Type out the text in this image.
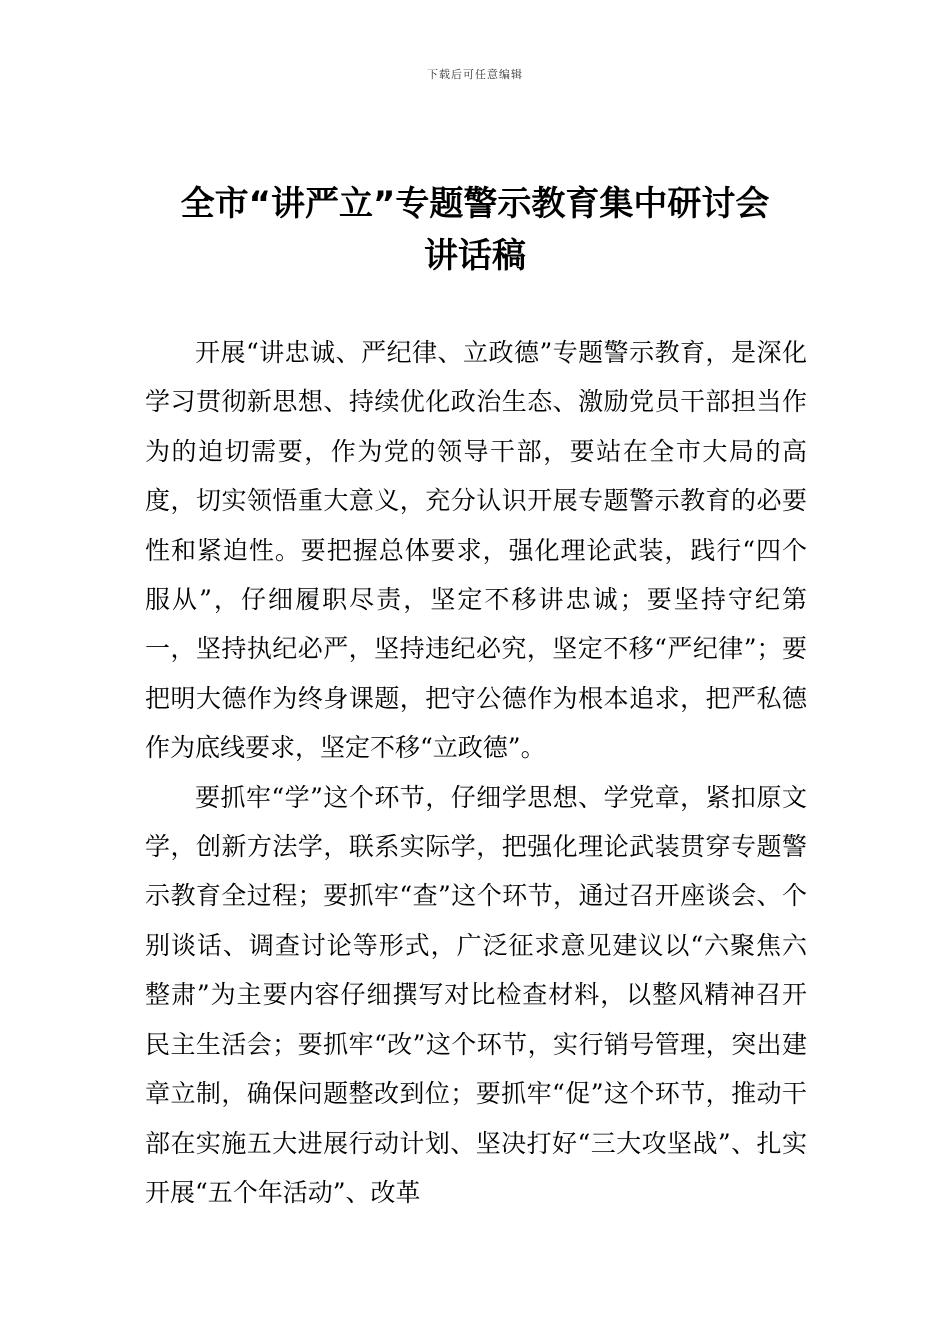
下载后可任意编辑
全市“讲严立”专题警示教育集中研讨会
讲话稿

开展“讲忠诚、严纪律、立政德”专题警示教育，是深化学习贯彻新思想、持续优化政治生态、激励党员干部担当作为的迫切需要，作为党的领导干部，要站在全市大局的高度，切实领悟重大意义，充分认识开展专题警示教育的必要性和紧迫性。要把握总体要求，强化理论武装，践行“四个服从”，仔细履职尽责，坚定不移讲忠诚；要坚持守纪第一，坚持执纪必严，坚持违纪必究，坚定不移“严纪律”；要把明大德作为终身课题，把守公德作为根本追求，把严私德作为底线要求，坚定不移“立政德”。

要抓牢“学”这个环节，仔细学思想、学党章，紧扣原文学，创新方法学，联系实际学，把强化理论武装贯穿专题警示教育全过程；要抓牢“查”这个环节，通过召开座谈会、个别谈话、调查讨论等形式，广泛征求意见建议以“六聚焦六整肃”为主要内容仔细撰写对比检查材料，以整风精神召开民主生活会；要抓牢“改”这个环节，实行销号管理，突出建章立制，确保问题整改到位；要抓牢“促”这个环节，推动干部在实施五大进展行动计划、坚决打好“三大攻坚战”、扎实开展“五个年活动”、改革
